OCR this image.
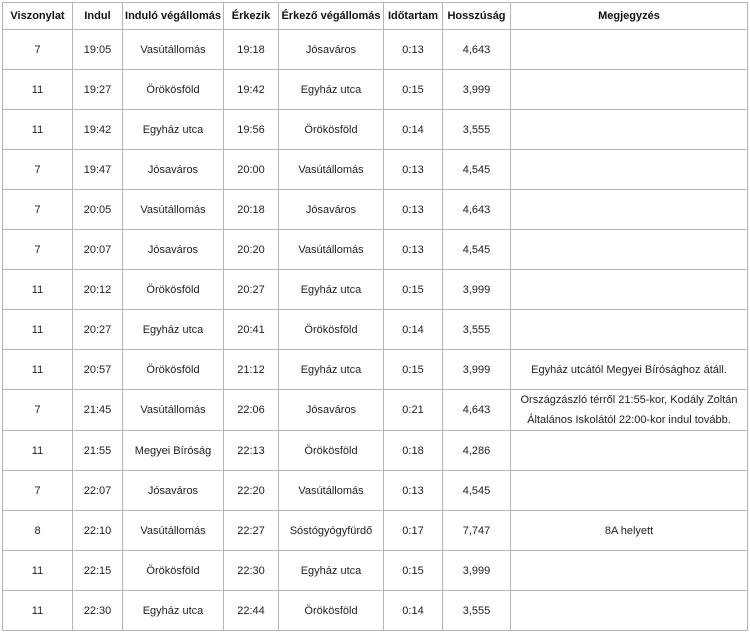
Viszonylat	Indul	Induló végállomás	Érkezik	Érkező végállomás	Időtartam	Hosszúság	Megjegyzés
7	19:05	Vasútállomás	19:18	Jósaváros	0:13	4,643	
11	19:27	Örökösföld	19:42	Egyház utca	0:15	3,999	
11	19:42	Egyház utca	19:56	Örökösföld	0:14	3,555	
7	19:47	Jósaváros	20:00	Vasútállomás	0:13	4,545	
7	20:05	Vasútállomás	20:18	Jósaváros	0:13	4,643	
7	20:07	Jósaváros	20:20	Vasútállomás	0:13	4,545	
11	20:12	Örökösföld	20:27	Egyház utca	0:15	3,999	
11	20:27	Egyház utca	20:41	Örökösföld	0:14	3,555	
11	20:57	Örökösföld	21:12	Egyház utca	0:15	3,999	Egyház utcától Megyei Bírósághoz átáll.
7	21:45	Vasútállomás	22:06	Jósaváros	0:21	4,643	Országzászló térről 21:55-kor, Kodály Zoltán Általános Iskolától 22:00-kor indul tovább.
11	21:55	Megyei Bíróság	22:13	Örökösföld	0:18	4,286	
7	22:07	Jósaváros	22:20	Vasútállomás	0:13	4,545	
8	22:10	Vasútállomás	22:27	Sóstógyógyfürdő	0:17	7,747	8A helyett
11	22:15	Örökösföld	22:30	Egyház utca	0:15	3,999	
11	22:30	Egyház utca	22:44	Örökösföld	0:14	3,555	
